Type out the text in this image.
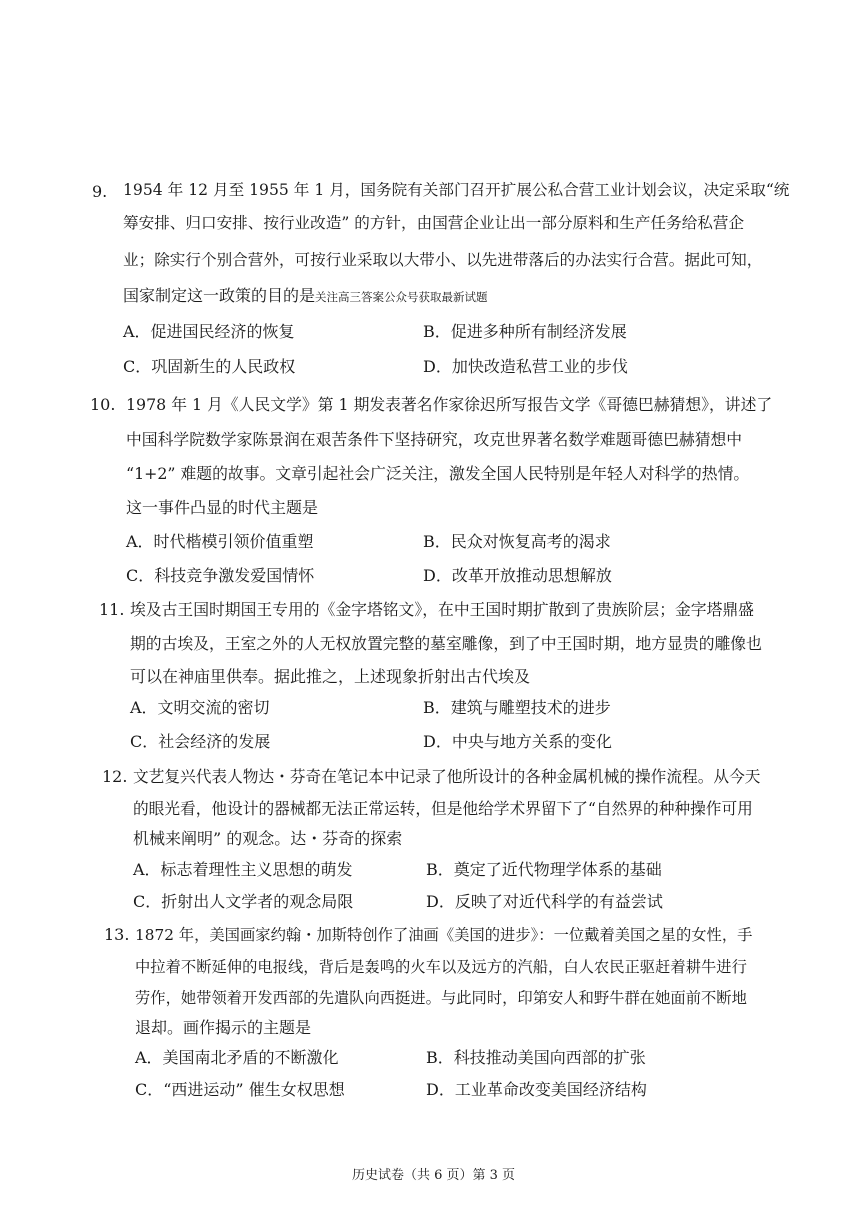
9. 1954 年 12 月至 1955 年 1 月，国务院有关部门召开扩展公私合营工业计划会议，决定采取“统
筹安排、归口安排、按行业改造” 的方针，由国营企业让出一部分原料和生产任务给私营企
业；除实行个别合营外，可按行业采取以大带小、以先进带落后的办法实行合营。据此可知，
国家制定这一政策的目的是关注高三答案公众号获取最新试题
A．促进国民经济的恢复	B．促进多种所有制经济发展
C．巩固新生的人民政权	D．加快改造私营工业的步伐
10. 1978 年 1 月《人民文学》第 1 期发表著名作家徐迟所写报告文学《哥德巴赫猜想》，讲述了
中国科学院数学家陈景润在艰苦条件下坚持研究，攻克世界著名数学难题哥德巴赫猜想中
“1+2” 难题的故事。文章引起社会广泛关注，激发全国人民特别是年轻人对科学的热情。
这一事件凸显的时代主题是
A．时代楷模引领价值重塑	B．民众对恢复高考的渴求
C．科技竞争激发爱国情怀	D．改革开放推动思想解放
11. 埃及古王国时期国王专用的《金字塔铭文》，在中王国时期扩散到了贵族阶层；金字塔鼎盛
期的古埃及，王室之外的人无权放置完整的墓室雕像，到了中王国时期，地方显贵的雕像也
可以在神庙里供奉。据此推之，上述现象折射出古代埃及
A．文明交流的密切	B．建筑与雕塑技术的进步
C．社会经济的发展	D．中央与地方关系的变化
12. 文艺复兴代表人物达・芬奇在笔记本中记录了他所设计的各种金属机械的操作流程。从今天
的眼光看，他设计的器械都无法正常运转，但是他给学术界留下了“自然界的种种操作可用
机械来阐明” 的观念。达・芬奇的探索
A．标志着理性主义思想的萌发	B．奠定了近代物理学体系的基础
C．折射出人文学者的观念局限	D．反映了对近代科学的有益尝试
13. 1872 年，美国画家约翰・加斯特创作了油画《美国的进步》：一位戴着美国之星的女性，手
中拉着不断延伸的电报线，背后是轰鸣的火车以及远方的汽船，白人农民正驱赶着耕牛进行
劳作，她带领着开发西部的先遣队向西挺进。与此同时，印第安人和野牛群在她面前不断地
退却。画作揭示的主题是
A．美国南北矛盾的不断激化	B．科技推动美国向西部的扩张
C．“西进运动” 催生女权思想	D．工业革命改变美国经济结构
历史试卷（共 6 页）第 3 页
